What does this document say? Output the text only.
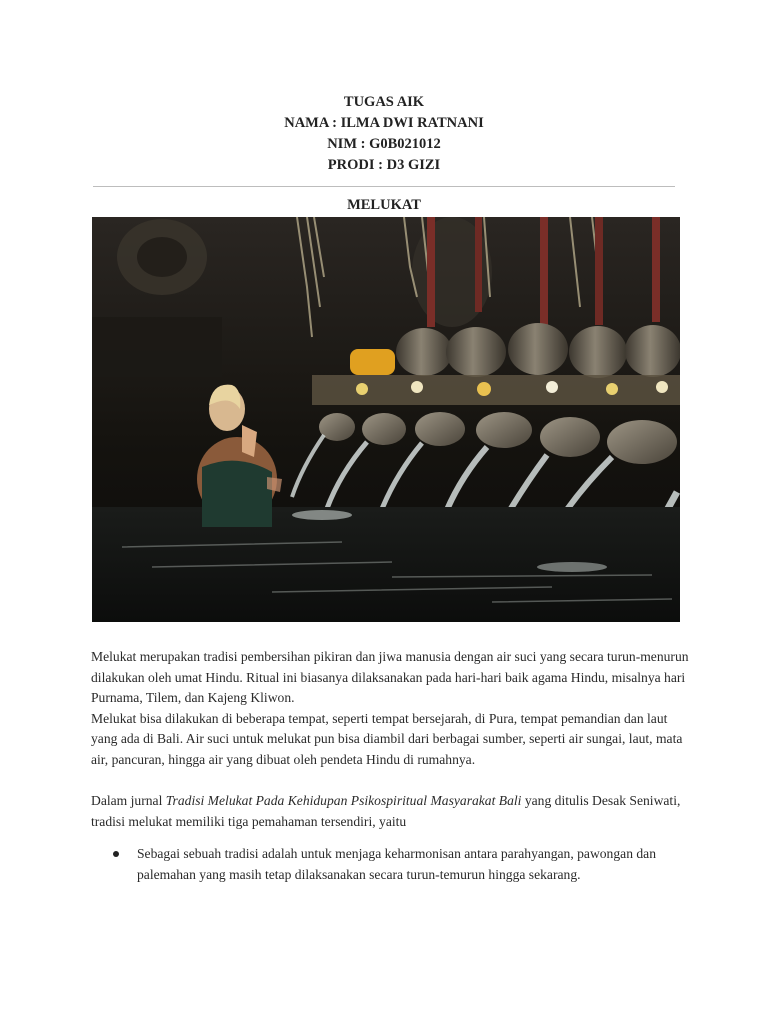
TUGAS AIK
NAMA : ILMA DWI RATNANI
NIM : G0B021012
PRODI : D3 GIZI
MELUKAT

Melukat merupakan tradisi pembersihan pikiran dan jiwa manusia dengan air suci yang secara turun-menurun dilakukan oleh umat Hindu. Ritual ini biasanya dilaksanakan pada hari-hari baik agama Hindu, misalnya hari Purnama, Tilem, dan Kajeng Kliwon.

Melukat bisa dilakukan di beberapa tempat, seperti tempat bersejarah, di Pura, tempat pemandian dan laut yang ada di Bali. Air suci untuk melukat pun bisa diambil dari berbagai sumber, seperti air sungai, laut, mata air, pancuran, hingga air yang dibuat oleh pendeta Hindu di rumahnya.

Dalam jurnal Tradisi Melukat Pada Kehidupan Psikospiritual Masyarakat Bali yang ditulis Desak Seniwati, tradisi melukat memiliki tiga pemahaman tersendiri, yaitu

Sebagai sebuah tradisi adalah untuk menjaga keharmonisan antara parahyangan, pawongan dan palemahan yang masih tetap dilaksanakan secara turun-temurun hingga sekarang.
